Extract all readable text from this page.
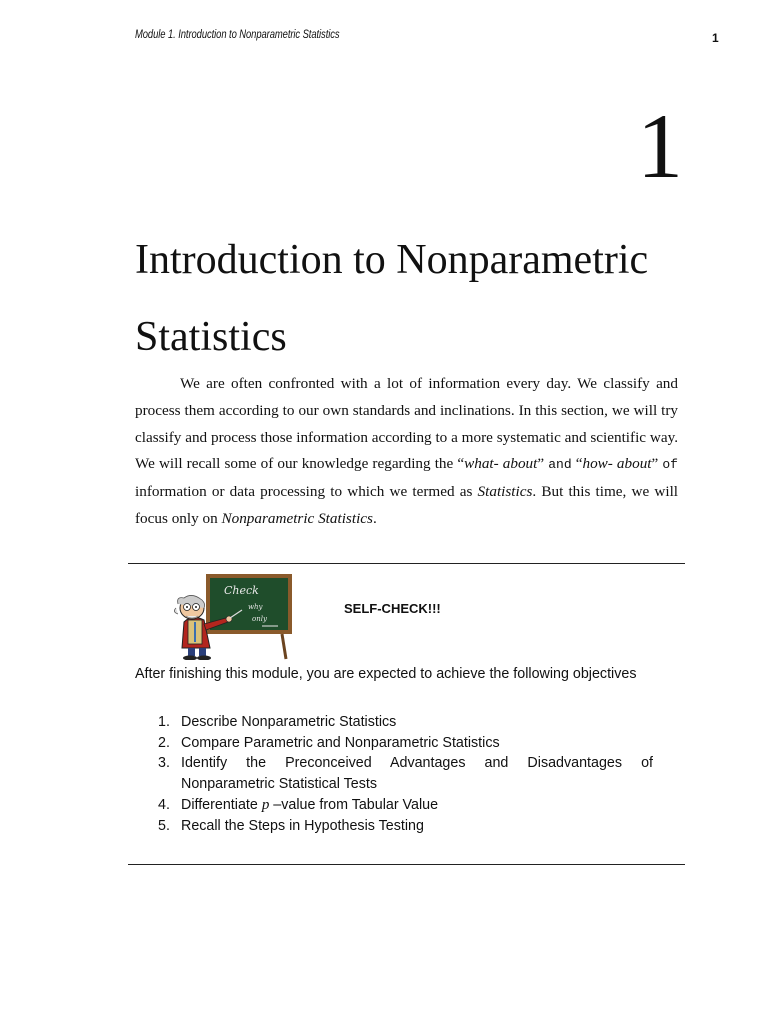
Module 1. Introduction to Nonparametric Statistics	1
1
Introduction to Nonparametric
Statistics

We are often confronted with a lot of information every day. We classify and process them according to our own standards and inclinations. In this section, we will try classify and process those information according to a more systematic and scientific way. We will recall some of our knowledge regarding the “what- about” and “how- about” of information or data processing to which we termed as Statistics. But this time, we will focus only on Nonparametric Statistics.

Check
why
only
SELF-CHECK!!!

After finishing this module, you are expected to achieve the following objectives

1. Describe Nonparametric Statistics
2. Compare Parametric and Nonparametric Statistics
3. Identify the Preconceived Advantages and Disadvantages of Nonparametric Statistical Tests
4. Differentiate p –value from Tabular Value
5. Recall the Steps in Hypothesis Testing
